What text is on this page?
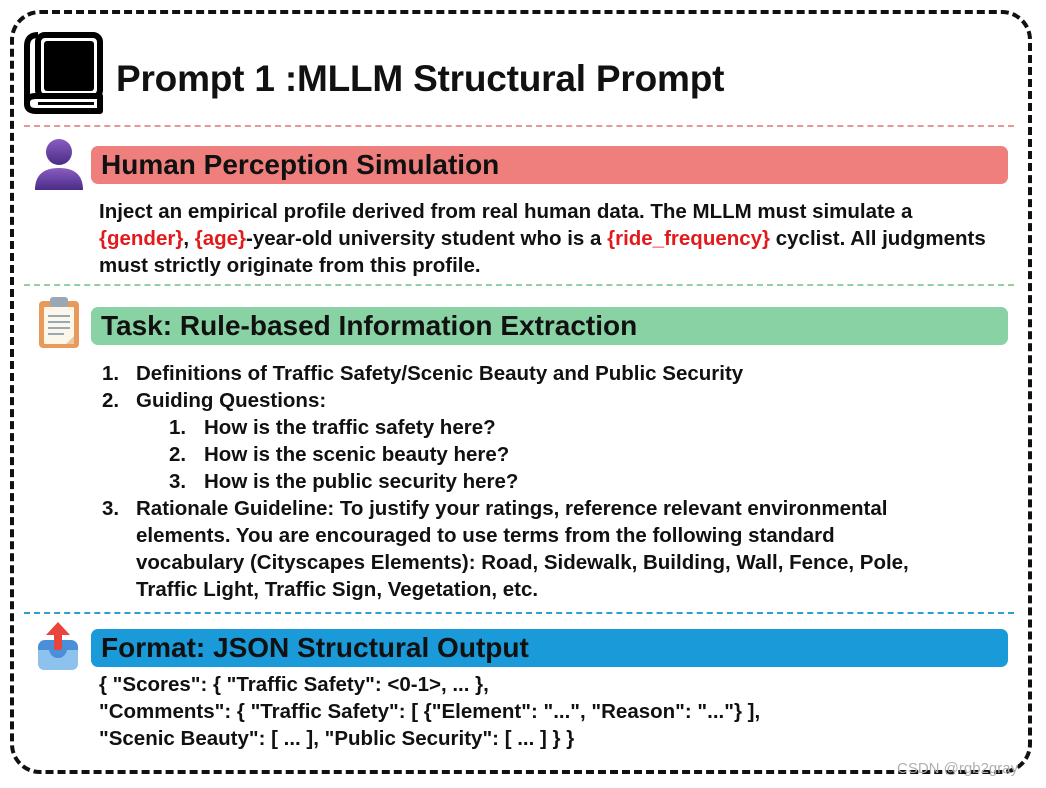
Prompt 1 :MLLM Structural Prompt
Human Perception Simulation

Inject an empirical profile derived from real human data. The MLLM must simulate a {gender}, {age}-year-old university student who is a {ride_frequency} cyclist. All judgments must strictly originate from this profile.

Task: Rule-based Information Extraction
1. Definitions of Traffic Safety/Scenic Beauty and Public Security
2. Guiding Questions:
1. How is the traffic safety here?
2. How is the scenic beauty here?
3. How is the public security here?
3. Rationale Guideline: To justify your ratings, reference relevant environmental
elements. You are encouraged to use terms from the following standard
vocabulary (Cityscapes Elements): Road, Sidewalk, Building, Wall, Fence, Pole,
Traffic Light, Traffic Sign, Vegetation, etc.
Format: JSON Structural Output
{ "Scores": { "Traffic Safety": <0-1>, ... },
"Comments": { "Traffic Safety": [ {"Element": "...", "Reason": "..."} ],
"Scenic Beauty": [ ... ], "Public Security": [ ... ] } }
CSDN @rgb2gray
